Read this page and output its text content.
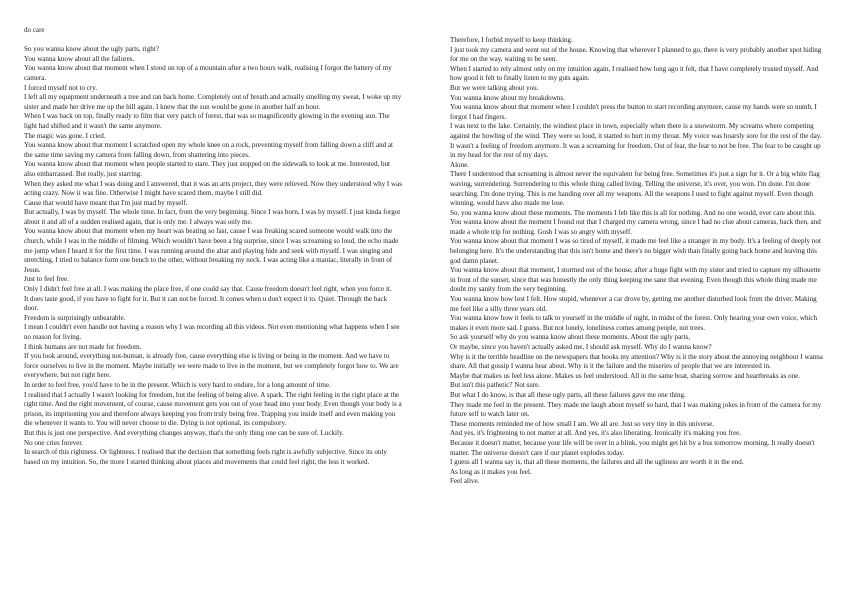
do care

So you wanna know about the ugly parts, right?

You wanna know about all the failures.

You wanna know about that moment when I stood on top of a mountain after a two hours walk, realising I forgot the battery of my camera.

I forced myself not to cry.

I left all my equipment underneath a tree and ran back home. Completely out of breath and actually smelling my sweat, I woke up my sister and made her drive me up the hill again. I knew that the sun would be gone in another half an hour.

When I was back on top, finally ready to film that very patch of forest, that was so magnificently glowing in the evening sun. The light had shifted and it wasn't the same anymore.

The magic was gone. I cried.

You wanna know about that moment I scratched open my whole knee on a rock, preventing myself from falling down a cliff and at the same time saving my camera from falling down, from shattering into pieces.

You wanna know about that moment when people started to stare. They just stopped on the sidewalk to look at me. Interested, but also embarrassed. But really, just starring.

When they asked me what I was doing and I answered, that it was an arts project, they were relieved. Now they understood why I was acting crazy. Now it was fine. Otherwise I might have scared them, maybe I still did.

Cause that would have meant that I'm just mad by myself.

But actually, I was by myself. The whole time. In fact, from the very beginning. Since I was born, I was by myself. I just kinda forgot about it and all of a sudden realised again, that is only me. I always was only me.

You wanna know about that moment when my heart was beating so fast, cause I was freaking scared someone would walk into the church, while I was in the middle of filming. Which wouldn't have been a big surprise, since I was screaming so loud, the echo made me jump when I heard it for the first time. I was running around the altar and playing hide and seek with myself. I was singing and stretching, I tried to balance form one bench to the other, without breaking my neck. I was acting like a maniac, literally in front of Jesus.

Just to feel free.

Only I didn't feel free at all. I was making the place free, if one could say that. Cause freedom doesn't feel right, when you force it.

It does taste good, if you have to fight for it. But it can not be forced. It comes when u don't expect it to. Quiet. Through the back door.

Freedom is surprisingly unbearable.

I mean I couldn't even handle not having a reason why I was recording all this videos. Not even mentioning what happens when I see no reason for living.

I think humans are not made for freedom.

If you look around, everything not-human, is already free, cause everything else is living or being in the moment. And we have to force ourselves to live in the moment. Maybe initially we were made to live in the moment, but we completely forgot how to. We are everywhere, but not right here.

In order to feel free, you'd have to be in the present. Which is very hard to endure, for a long amount of time.

I realised that I actually I wasn't looking for freedom, but the feeling of being alive. A spark. The right feeling in the right place at the right time. And the right movement, of course, cause movement gets you out of your head into your body. Even though your body is a prison, its imprisoning you and therefore always keeping you from truly being free. Trapping you inside itself and even making you die whenever it wants to. You will never choose to die. Dying is not optional, its compulsory.

But this is just one perspective. And everything changes anyway, that's the only thing one can be sure of. Luckily.

No one cries forever.

In search of this rightness. Or lightness. I realised that the decision that something feels right is awfully subjective. Since its only based on my intuition. So, the more I started thinking about places and movements that could feel right, the less it worked.

Therefore, I forbid myself to keep thinking.

I just took my camera and went out of the house. Knowing that wherever I planned to go, there is very probably another spot hiding for me on the way, waiting to be seen.

When I started to rely almost only on my intuition again, I realised how long ago it felt, that I have completely trusted myself. And how good it felt to finally listen to my guts again.

But we were talking about you.

You wanna know about my breakdowns.

You wanna know about that moment when I couldn't press the button to start recording anymore, cause my hands were so numb, I forgot I had fingers.

I was next to the lake. Certainly, the windiest place in town, especially when there is a snowstorm. My screams where competing against the howling of the wind. They were so loud, it started to hurt in my throat. My voice was hoarsly sore for the rest of the day.

It wasn't a feeling of freedom anymore. It was a screaming for freedom. Out of fear, the fear to not be free. The fear to be caught up in my head for the rest of my days.

Alone.

There I understood that screaming is almost never the equivalent for being free. Sometimes it's just a sign for it. Or a big white flag waving, surrendering. Surrendering to this whole thing called living. Telling the universe, it's over, you won. I'm done. I'm done searching. I'm done trying. This is me handing over all my weapons. All the weapons I used to fight against myself. Even though winning, would have also made me lose.

So, you wanna know about these moments. The moments I felt like this is all for nothing. And no one would, ever care about this.

You wanna know about the moment I found out that I charged my camera wrong, since I had no clue about cameras, back then, and made a whole trip for nothing. Gosh I was so angry with myself.

You wanna know about that moment I was so tired of myself, it made me feel like a stranger in my body. It's a feeling of deeply not belonging here. It's the understanding that this isn't home and there's no bigger wish than finally going back home and leaving this god damn planet.

You wanna know about that moment, I stormed out of the house, after a huge fight with my sister and tried to capture my silhouette in front of the sunset, since that was honestly the only thing keeping me sane that evening. Even though this whole thing made me doubt my sanity from the very beginning.

You wanna know how lost I felt. How stupid, whenever a car drove by, getting me another disturbed look from the driver. Making me feel like a silly three years old.

You wanna know how it feels to talk to yourself in the middle of night, in midst of the forest. Only hearing your own voice, which makes it even more sad. I guess. But not lonely, loneliness comes among people, not trees.

So ask yourself why do you wanna know about these moments. About the ugly parts,

Or maybe, since you haven't actually asked me, I should ask myself. Why do I wanna know?

Why is it the terrible headline on the newspapers that hooks my attention? Why is it the story about the annoying neighbour I wanna share. All that gossip I wanna hear about. Why is it the failure and the miseries of people that we are interested in.

Maybe that makes us feel less alone. Makes us feel understood. All in the same boat, sharing sorrow and heartbreaks as one.

But isn't this pathetic? Not sure.

But what I do know, is that all these ugly parts, all these failures gave me one thing.

They made me feel in the present. They made me laugh about myself so hard, that I was making jokes in front of the camera for my future self to watch later on.

These moments reminded me of how small I am. We all are. Just so very tiny in this universe.

And yes, it's frightening to not matter at all. And yes, it's also liberating. Ironically it's making you free.

Because it doesn't matter, because your life will be over in a blink, you might get hit by a bus tomorrow morning. It really doesn't matter. The universe doesn't care if our planet explodes today.

I guess all I wanna say is, that all these moments, the failures and all the ugliness are worth it in the end.

As long as it makes you feel.

Feel alive.
